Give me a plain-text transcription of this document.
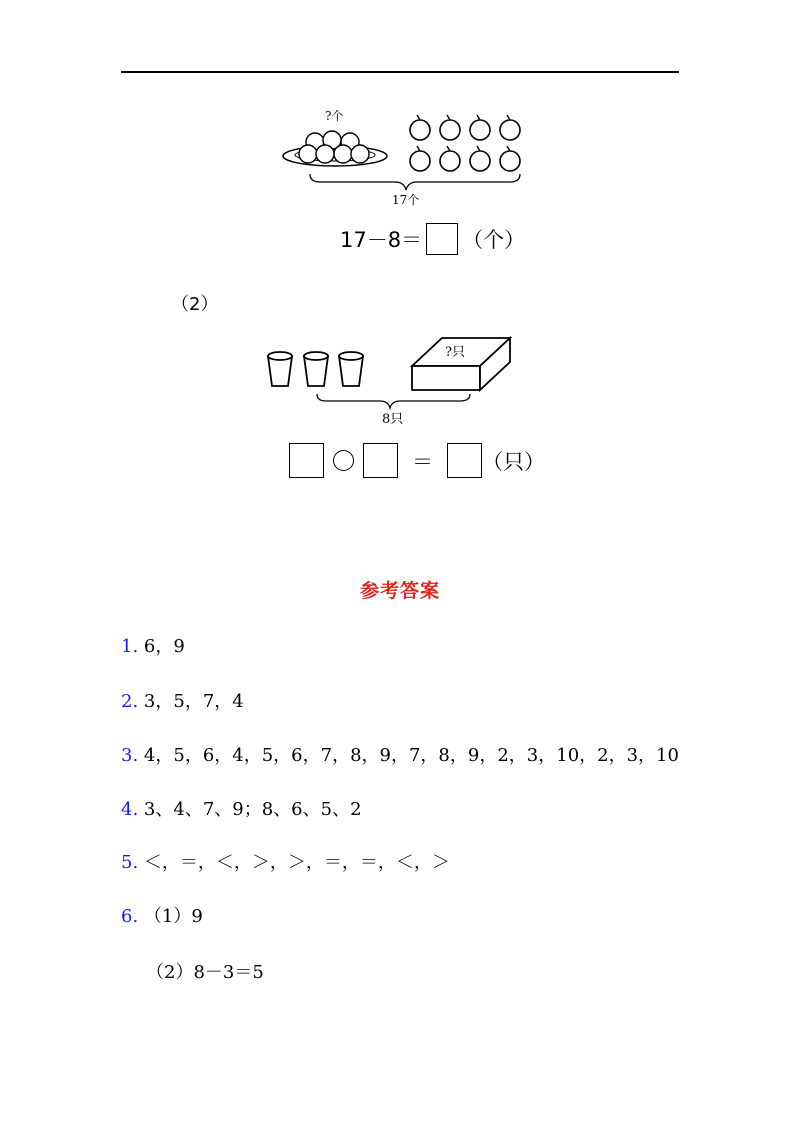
?个
17个
17－8＝ （个）
（2）
?只
8只
＝ （只）
参考答案
1. 6，9
2. 3，5，7，4
3. 4，5，6，4，5，6，7，8，9，7，8，9，2，3，10，2，3，10
4. 3、4、7、9；8、6、5、2
5. ＜，＝，＜，＞，＞，＝，＝，＜，＞
6. （1）9
（2）8－3＝5
